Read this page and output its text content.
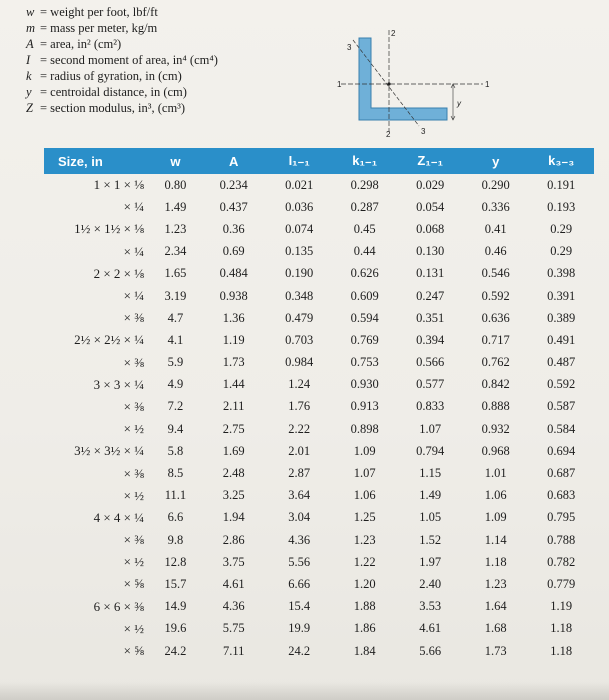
w = weight per foot, lbf/ft
m = mass per meter, kg/m
A = area, in² (cm²)
I = second moment of area, in⁴ (cm⁴)
k = radius of gyration, in (cm)
y = centroidal distance, in (cm)
Z = section modulus, in³, (cm³)
3
1
2	3
2
1
y
Size, in	w	A	I₁₋₁	k₁₋₁	Z₁₋₁	y	k₃₋₃
1 × 1 × ⅛	0.80	0.234	0.021	0.298	0.029	0.290	0.191
× ¼	1.49	0.437	0.036	0.287	0.054	0.336	0.193
1½ × 1½ × ⅛	1.23	0.36	0.074	0.45	0.068	0.41	0.29
× ¼	2.34	0.69	0.135	0.44	0.130	0.46	0.29
2 × 2 × ⅛	1.65	0.484	0.190	0.626	0.131	0.546	0.398
× ¼	3.19	0.938	0.348	0.609	0.247	0.592	0.391
× ⅜	4.7	1.36	0.479	0.594	0.351	0.636	0.389
2½ × 2½ × ¼	4.1	1.19	0.703	0.769	0.394	0.717	0.491
× ⅜	5.9	1.73	0.984	0.753	0.566	0.762	0.487
3 × 3 × ¼	4.9	1.44	1.24	0.930	0.577	0.842	0.592
× ⅜	7.2	2.11	1.76	0.913	0.833	0.888	0.587
× ½	9.4	2.75	2.22	0.898	1.07	0.932	0.584
3½ × 3½ × ¼	5.8	1.69	2.01	1.09	0.794	0.968	0.694
× ⅜	8.5	2.48	2.87	1.07	1.15	1.01	0.687
× ½	11.1	3.25	3.64	1.06	1.49	1.06	0.683
4 × 4 × ¼	6.6	1.94	3.04	1.25	1.05	1.09	0.795
× ⅜	9.8	2.86	4.36	1.23	1.52	1.14	0.788
× ½	12.8	3.75	5.56	1.22	1.97	1.18	0.782
× ⅝	15.7	4.61	6.66	1.20	2.40	1.23	0.779
6 × 6 × ⅜	14.9	4.36	15.4	1.88	3.53	1.64	1.19
× ½	19.6	5.75	19.9	1.86	4.61	1.68	1.18
× ⅝	24.2	7.11	24.2	1.84	5.66	1.73	1.18
